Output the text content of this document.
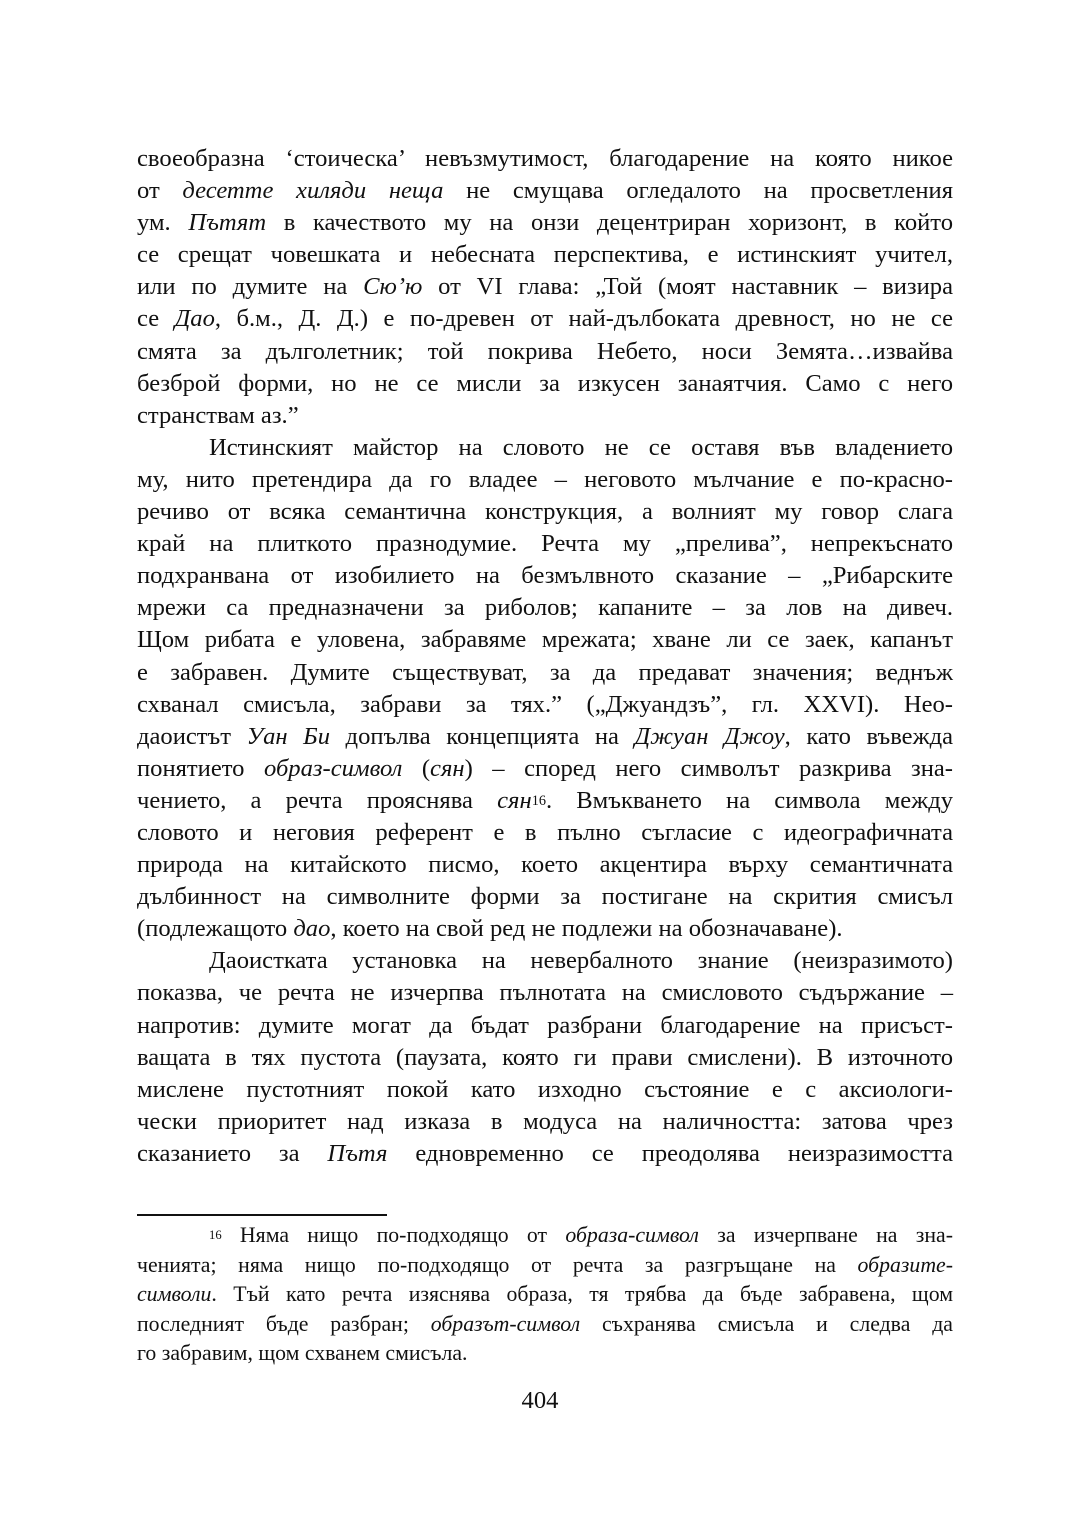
своеобразна ‘стоическа’ невъзмутимост, благодарение на която никое
от десетте хиляди неща не смущава огледалото на просветления
ум. Пътят в качеството му на онзи децентриран хоризонт, в който
се срещат човешката и небесната перспектива, е истинският учител,
или по думите на Сю’ю от VI глава: „Той (моят наставник – визира
се Дао, б.м., Д. Д.) е по-древен от най-дълбоката древност, но не се
смята за дълголетник; той покрива Небето, носи Земята…извайва
безброй форми, но не се мисли за изкусен занаятчия. Само с него
странствам аз.”
Истинският майстор на словото не се оставя във владението
му, нито претендира да го владее – неговото мълчание е по-красно-
речиво от всяка семантична конструкция, а волният му говор слага
край на плиткото празнодумие. Речта му „прелива”, непрекъснато
подхранвана от изобилието на безмълвното сказание – „Рибарските
мрежи са предназначени за риболов; капаните – за лов на дивеч.
Щом рибата е уловена, забравяме мрежата; хване ли се заек, капанът
е забравен. Думите съществуват, за да предават значения; веднъж
схванал смисъла, забрави за тях.” („Джуандзъ”, гл. XXVI). Нео-
даоистът Уан Би допълва концепцията на Джуан Джоу, като въвежда
понятието образ-символ (сян) – според него символът разкрива зна-
чението, а речта прояснява сян$^{16}$. Вмъкването на символа между
словото и неговия референт е в пълно съгласие с идеографичната
природа на китайското писмо, което акцентира върху семантичната
дълбинност на символните форми за постигане на скрития смисъл
(подлежащото дао, което на свой ред не подлежи на обозначаване).
Даоистката установка на невербалното знание (неизразимото)
показва, че речта не изчерпва пълнотата на смисловото съдържание –
напротив: думите могат да бъдат разбрани благодарение на присъст-
ващата в тях пустота (паузата, която ги прави смислени). В източното
мислене пустотният покой като изходно състояние е с аксиологи-
чески приоритет над изказа в модуса на наличността: затова чрез
сказанието за Пътя едновременно се преодолява неизразимостта
$^{16}$ Няма нищо по-подходящо от образа-символ за изчерпване на зна-
ченията; няма нищо по-подходящо от речта за разгръщане на образите-
символи. Тъй като речта изяснява образа, тя трябва да бъде забравена, щом
последният бъде разбран; образът-символ съхранява смисъла и следва да
го забравим, щом схванем смисъла.
404
